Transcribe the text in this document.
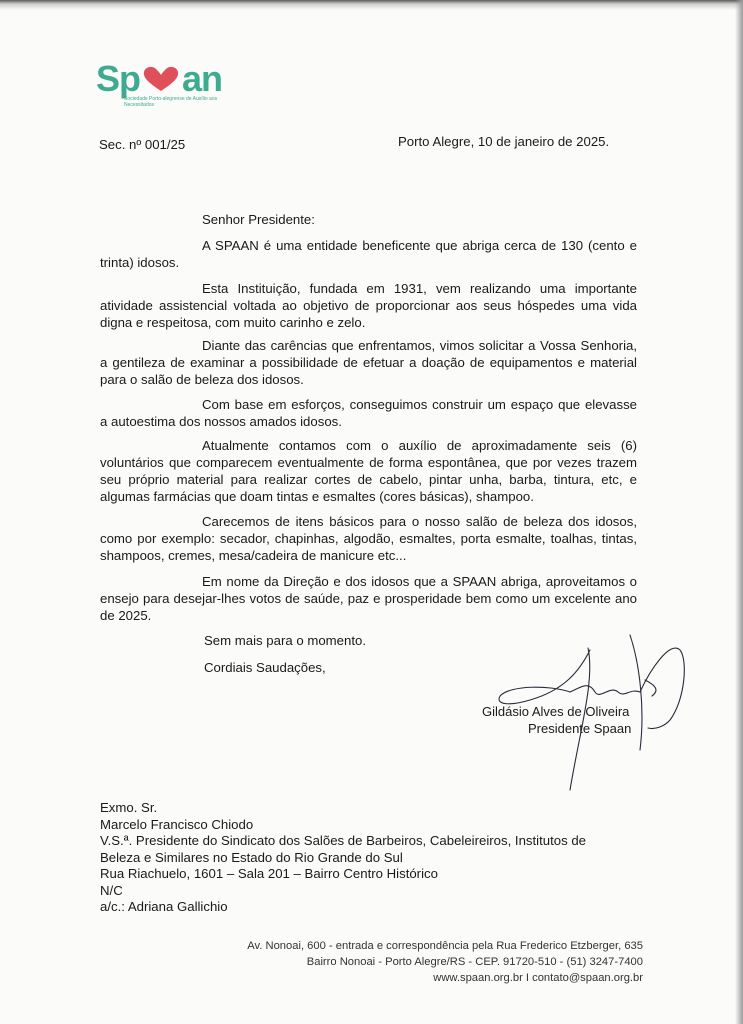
Sp an
Sociedade Porto-alegrense de Auxílio aos Necessitados
Sec. nº 001/25	Porto Alegre, 10 de janeiro de 2025.
Senhor Presidente:
A SPAAN é uma entidade beneficente que abriga cerca de 130 (cento e trinta) idosos.
Esta Instituição, fundada em 1931, vem realizando uma importante atividade assistencial voltada ao objetivo de proporcionar aos seus hóspedes uma vida digna e respeitosa, com muito carinho e zelo.
Diante das carências que enfrentamos, vimos solicitar a Vossa Senhoria, a gentileza de examinar a possibilidade de efetuar a doação de equipamentos e material para o salão de beleza dos idosos.
Com base em esforços, conseguimos construir um espaço que elevasse a autoestima dos nossos amados idosos.
Atualmente contamos com o auxílio de aproximadamente seis (6) voluntários que comparecem eventualmente de forma espontânea, que por vezes trazem seu próprio material para realizar cortes de cabelo, pintar unha, barba, tintura, etc, e algumas farmácias que doam tintas e esmaltes (cores básicas), shampoo.
Carecemos de itens básicos para o nosso salão de beleza dos idosos, como por exemplo: secador, chapinhas, algodão, esmaltes, porta esmalte, toalhas, tintas, shampoos, cremes, mesa/cadeira de manicure etc...
Em nome da Direção e dos idosos que a SPAAN abriga, aproveitamos o ensejo para desejar-lhes votos de saúde, paz e prosperidade bem como um excelente ano de 2025.
Sem mais para o momento.
Cordiais Saudações,
Gildásio Alves de Oliveira
Presidente Spaan
Exmo. Sr.
Marcelo Francisco Chiodo
V.S.ª. Presidente do Sindicato dos Salões de Barbeiros, Cabeleireiros, Institutos de
Beleza e Similares no Estado do Rio Grande do Sul
Rua Riachuelo, 1601 – Sala 201 – Bairro Centro Histórico
N/C
a/c.: Adriana Gallichio
Av. Nonoai, 600 - entrada e correspondência pela Rua Frederico Etzberger, 635
Bairro Nonoai - Porto Alegre/RS - CEP. 91720-510 - (51) 3247-7400
www.spaan.org.br I contato@spaan.org.br
